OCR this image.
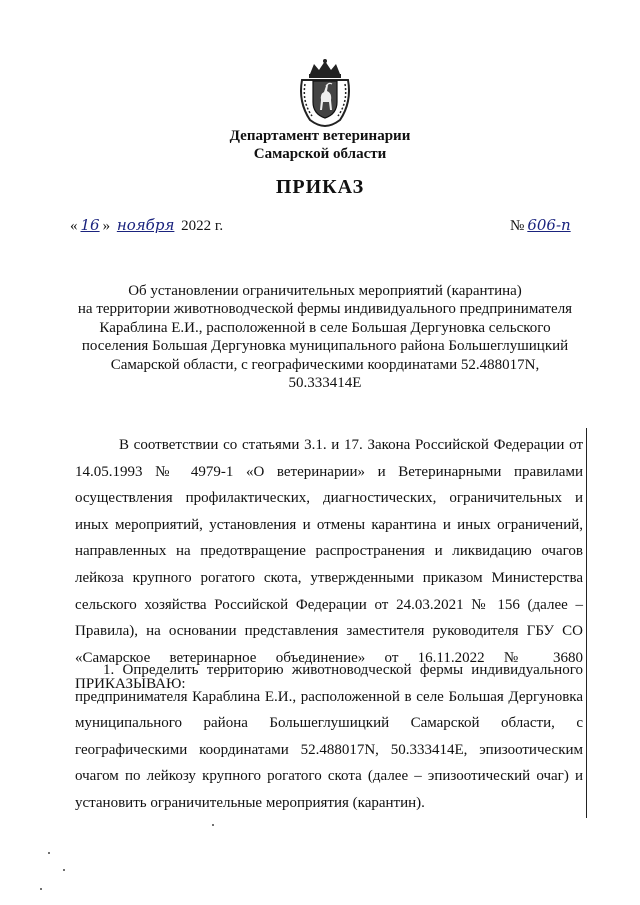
Департамент ветеринарии
Самарской области
ПРИКАЗ
« 16 » ноября 2022 г.	№ 606-п
Об установлении ограничительных мероприятий (карантина)
на территории животноводческой фермы индивидуального предпринимателя
Караблина Е.И., расположенной в селе Большая Дергуновка сельского
поселения Большая Дергуновка муниципального района Большеглушицкий
Самарской области, с географическими координатами 52.488017N,
50.333414E
В соответствии со статьями 3.1. и 17. Закона Российской Федерации от 14.05.1993 № 4979-1 «О ветеринарии» и Ветеринарными правилами осуществления профилактических, диагностических, ограничительных и иных мероприятий, установления и отмены карантина и иных ограничений, направленных на предотвращение распространения и ликвидацию очагов лейкоза крупного рогатого скота, утвержденными приказом Министерства сельского хозяйства Российской Федерации от 24.03.2021 № 156 (далее – Правила), на основании представления заместителя руководителя ГБУ СО «Самарское ветеринарное объединение» от 16.11.2022 № 3680 ПРИКАЗЫВАЮ:
1. Определить территорию животноводческой фермы индивидуального предпринимателя Караблина Е.И., расположенной в селе Большая Дергуновка муниципального района Большеглушицкий Самарской области, с географическими координатами 52.488017N, 50.333414E, эпизоотическим очагом по лейкозу крупного рогатого скота (далее – эпизоотический очаг) и установить ограничительные мероприятия (карантин).
